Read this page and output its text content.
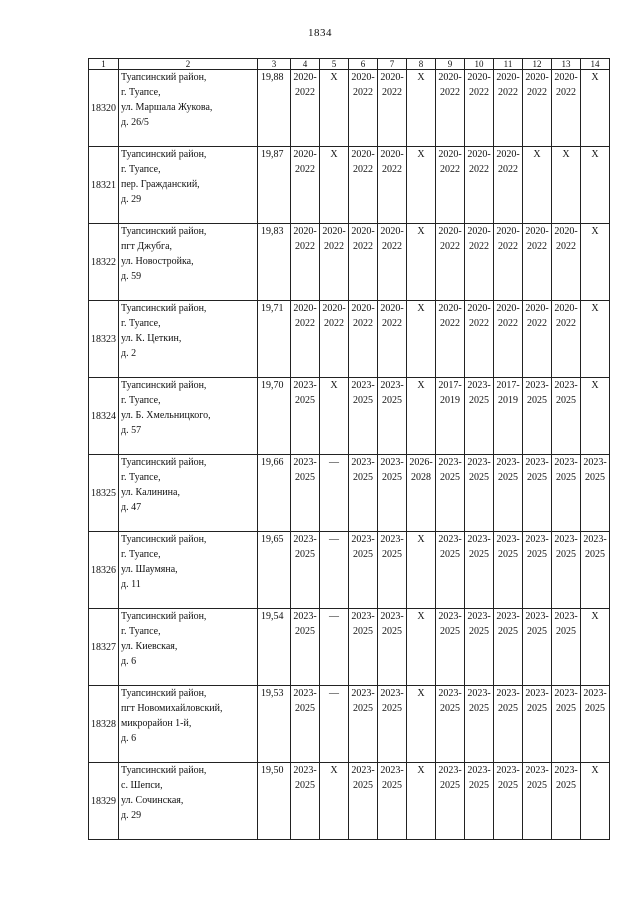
1834
1	2	3	4	5	6	7	8	9	10	11	12	13	14
18320	Туапсинский район,
г. Туапсе,
ул. Маршала Жукова,
д. 26/5	19,88	2020-
2022	X	2020-
2022	2020-
2022	X	2020-
2022	2020-
2022	2020-
2022	2020-
2022	2020-
2022	X
18321	Туапсинский район,
г. Туапсе,
пер. Гражданский,
д. 29	19,87	2020-
2022	X	2020-
2022	2020-
2022	X	2020-
2022	2020-
2022	2020-
2022	X	X	X
18322	Туапсинский район,
пгт Джубга,
ул. Новостройка,
д. 59	19,83	2020-
2022	2020-
2022	2020-
2022	2020-
2022	X	2020-
2022	2020-
2022	2020-
2022	2020-
2022	2020-
2022	X
18323	Туапсинский район,
г. Туапсе,
ул. К. Цеткин,
д. 2	19,71	2020-
2022	2020-
2022	2020-
2022	2020-
2022	X	2020-
2022	2020-
2022	2020-
2022	2020-
2022	2020-
2022	X
18324	Туапсинский район,
г. Туапсе,
ул. Б. Хмельницкого,
д. 57	19,70	2023-
2025	X	2023-
2025	2023-
2025	X	2017-
2019	2023-
2025	2017-
2019	2023-
2025	2023-
2025	X
18325	Туапсинский район,
г. Туапсе,
ул. Калинина,
д. 47	19,66	2023-
2025	—	2023-
2025	2023-
2025	2026-
2028	2023-
2025	2023-
2025	2023-
2025	2023-
2025	2023-
2025	2023-
2025
18326	Туапсинский район,
г. Туапсе,
ул. Шаумяна,
д. 11	19,65	2023-
2025	—	2023-
2025	2023-
2025	X	2023-
2025	2023-
2025	2023-
2025	2023-
2025	2023-
2025	2023-
2025
18327	Туапсинский район,
г. Туапсе,
ул. Киевская,
д. 6	19,54	2023-
2025	—	2023-
2025	2023-
2025	X	2023-
2025	2023-
2025	2023-
2025	2023-
2025	2023-
2025	X
18328	Туапсинский район,
пгт Новомихайловский,
микрорайон 1-й,
д. 6	19,53	2023-
2025	—	2023-
2025	2023-
2025	X	2023-
2025	2023-
2025	2023-
2025	2023-
2025	2023-
2025	2023-
2025
18329	Туапсинский район,
с. Шепси,
ул. Сочинская,
д. 29	19,50	2023-
2025	X	2023-
2025	2023-
2025	X	2023-
2025	2023-
2025	2023-
2025	2023-
2025	2023-
2025	X
